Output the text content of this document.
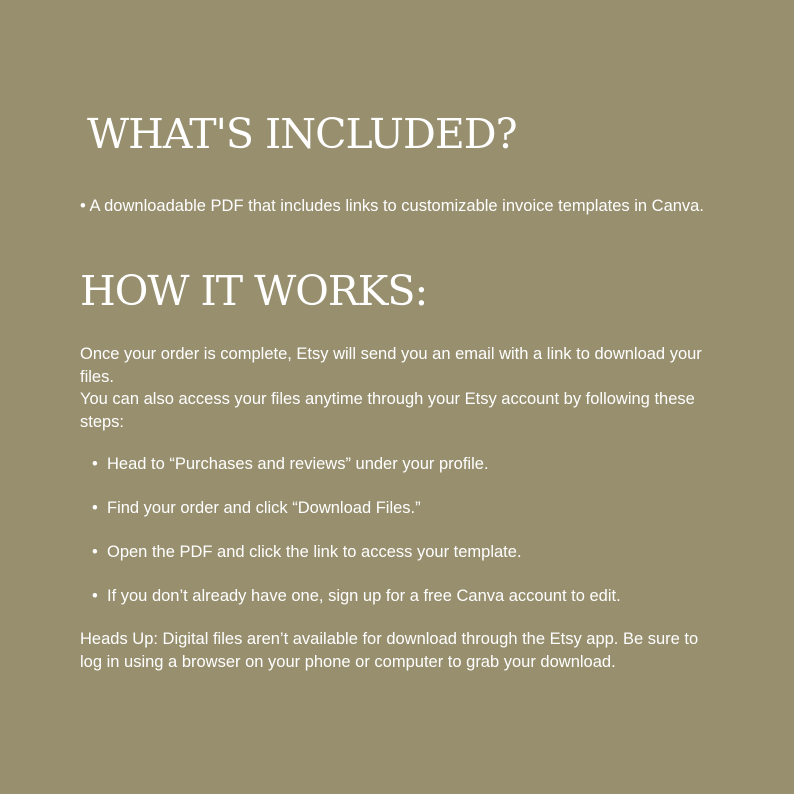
WHAT'S INCLUDED?

• A downloadable PDF that includes links to customizable invoice templates in Canva.

HOW IT WORKS:
Once your order is complete, Etsy will send you an email with a link to download your files.
You can also access your files anytime through your Etsy account by following these steps:
• Head to “Purchases and reviews” under your profile.
• Find your order and click “Download Files.”
• Open the PDF and click the link to access your template.
• If you don’t already have one, sign up for a free Canva account to edit.

Heads Up: Digital files aren’t available for download through the Etsy app. Be sure to log in using a browser on your phone or computer to grab your download.
